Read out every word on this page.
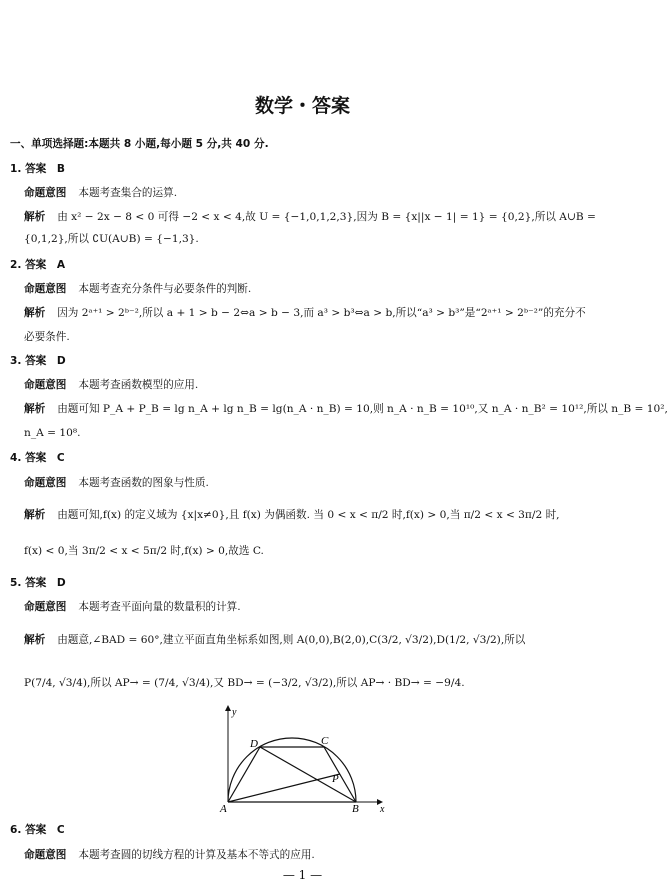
数学・答案
一、单项选择题:本题共 8 小题,每小题 5 分,共 40 分.
1. 答案　B
命题意图 本题考查集合的运算.
解析 由 x² − 2x − 8 < 0 可得 −2 < x < 4,故 U = {−1,0,1,2,3},因为 B = {x||x − 1| = 1} = {0,2},所以 A∪B =
{0,1,2},所以 ∁U(A∪B) = {−1,3}.
2. 答案　A
命题意图 本题考查充分条件与必要条件的判断.
解析 因为 2ᵃ⁺¹ > 2ᵇ⁻²,所以 a + 1 > b − 2⇔a > b − 3,而 a³ > b³⇔a > b,所以“a³ > b³”是“2ᵃ⁺¹ > 2ᵇ⁻²”的充分不
必要条件.
3. 答案　D
命题意图 本题考查函数模型的应用.
解析 由题可知 P_A + P_B = lg n_A + lg n_B = lg(n_A · n_B) = 10,则 n_A · n_B = 10¹⁰,又 n_A · n_B² = 10¹²,所以 n_B = 10²,
n_A = 10⁸.
4. 答案　C
命题意图 本题考查函数的图象与性质.
解析 由题可知,f(x) 的定义域为 {x|x≠0},且 f(x) 为偶函数. 当 0 < x < π/2 时,f(x) > 0,当 π/2 < x < 3π/2 时,
f(x) < 0,当 3π/2 < x < 5π/2 时,f(x) > 0,故选 C.
5. 答案　D
命题意图 本题考查平面向量的数量积的计算.
解析 由题意,∠BAD = 60°,建立平面直角坐标系如图,则 A(0,0),B(2,0),C(3/2, √3/2),D(1/2, √3/2),所以
P(7/4, √3/4),所以 AP→ = (7/4, √3/4),又 BD→ = (−3/2, √3/2),所以 AP→ · BD→ = −9/4.
y
x
A	B
C
D
P
6. 答案　C
命题意图 本题考查圆的切线方程的计算及基本不等式的应用.
— 1 —
